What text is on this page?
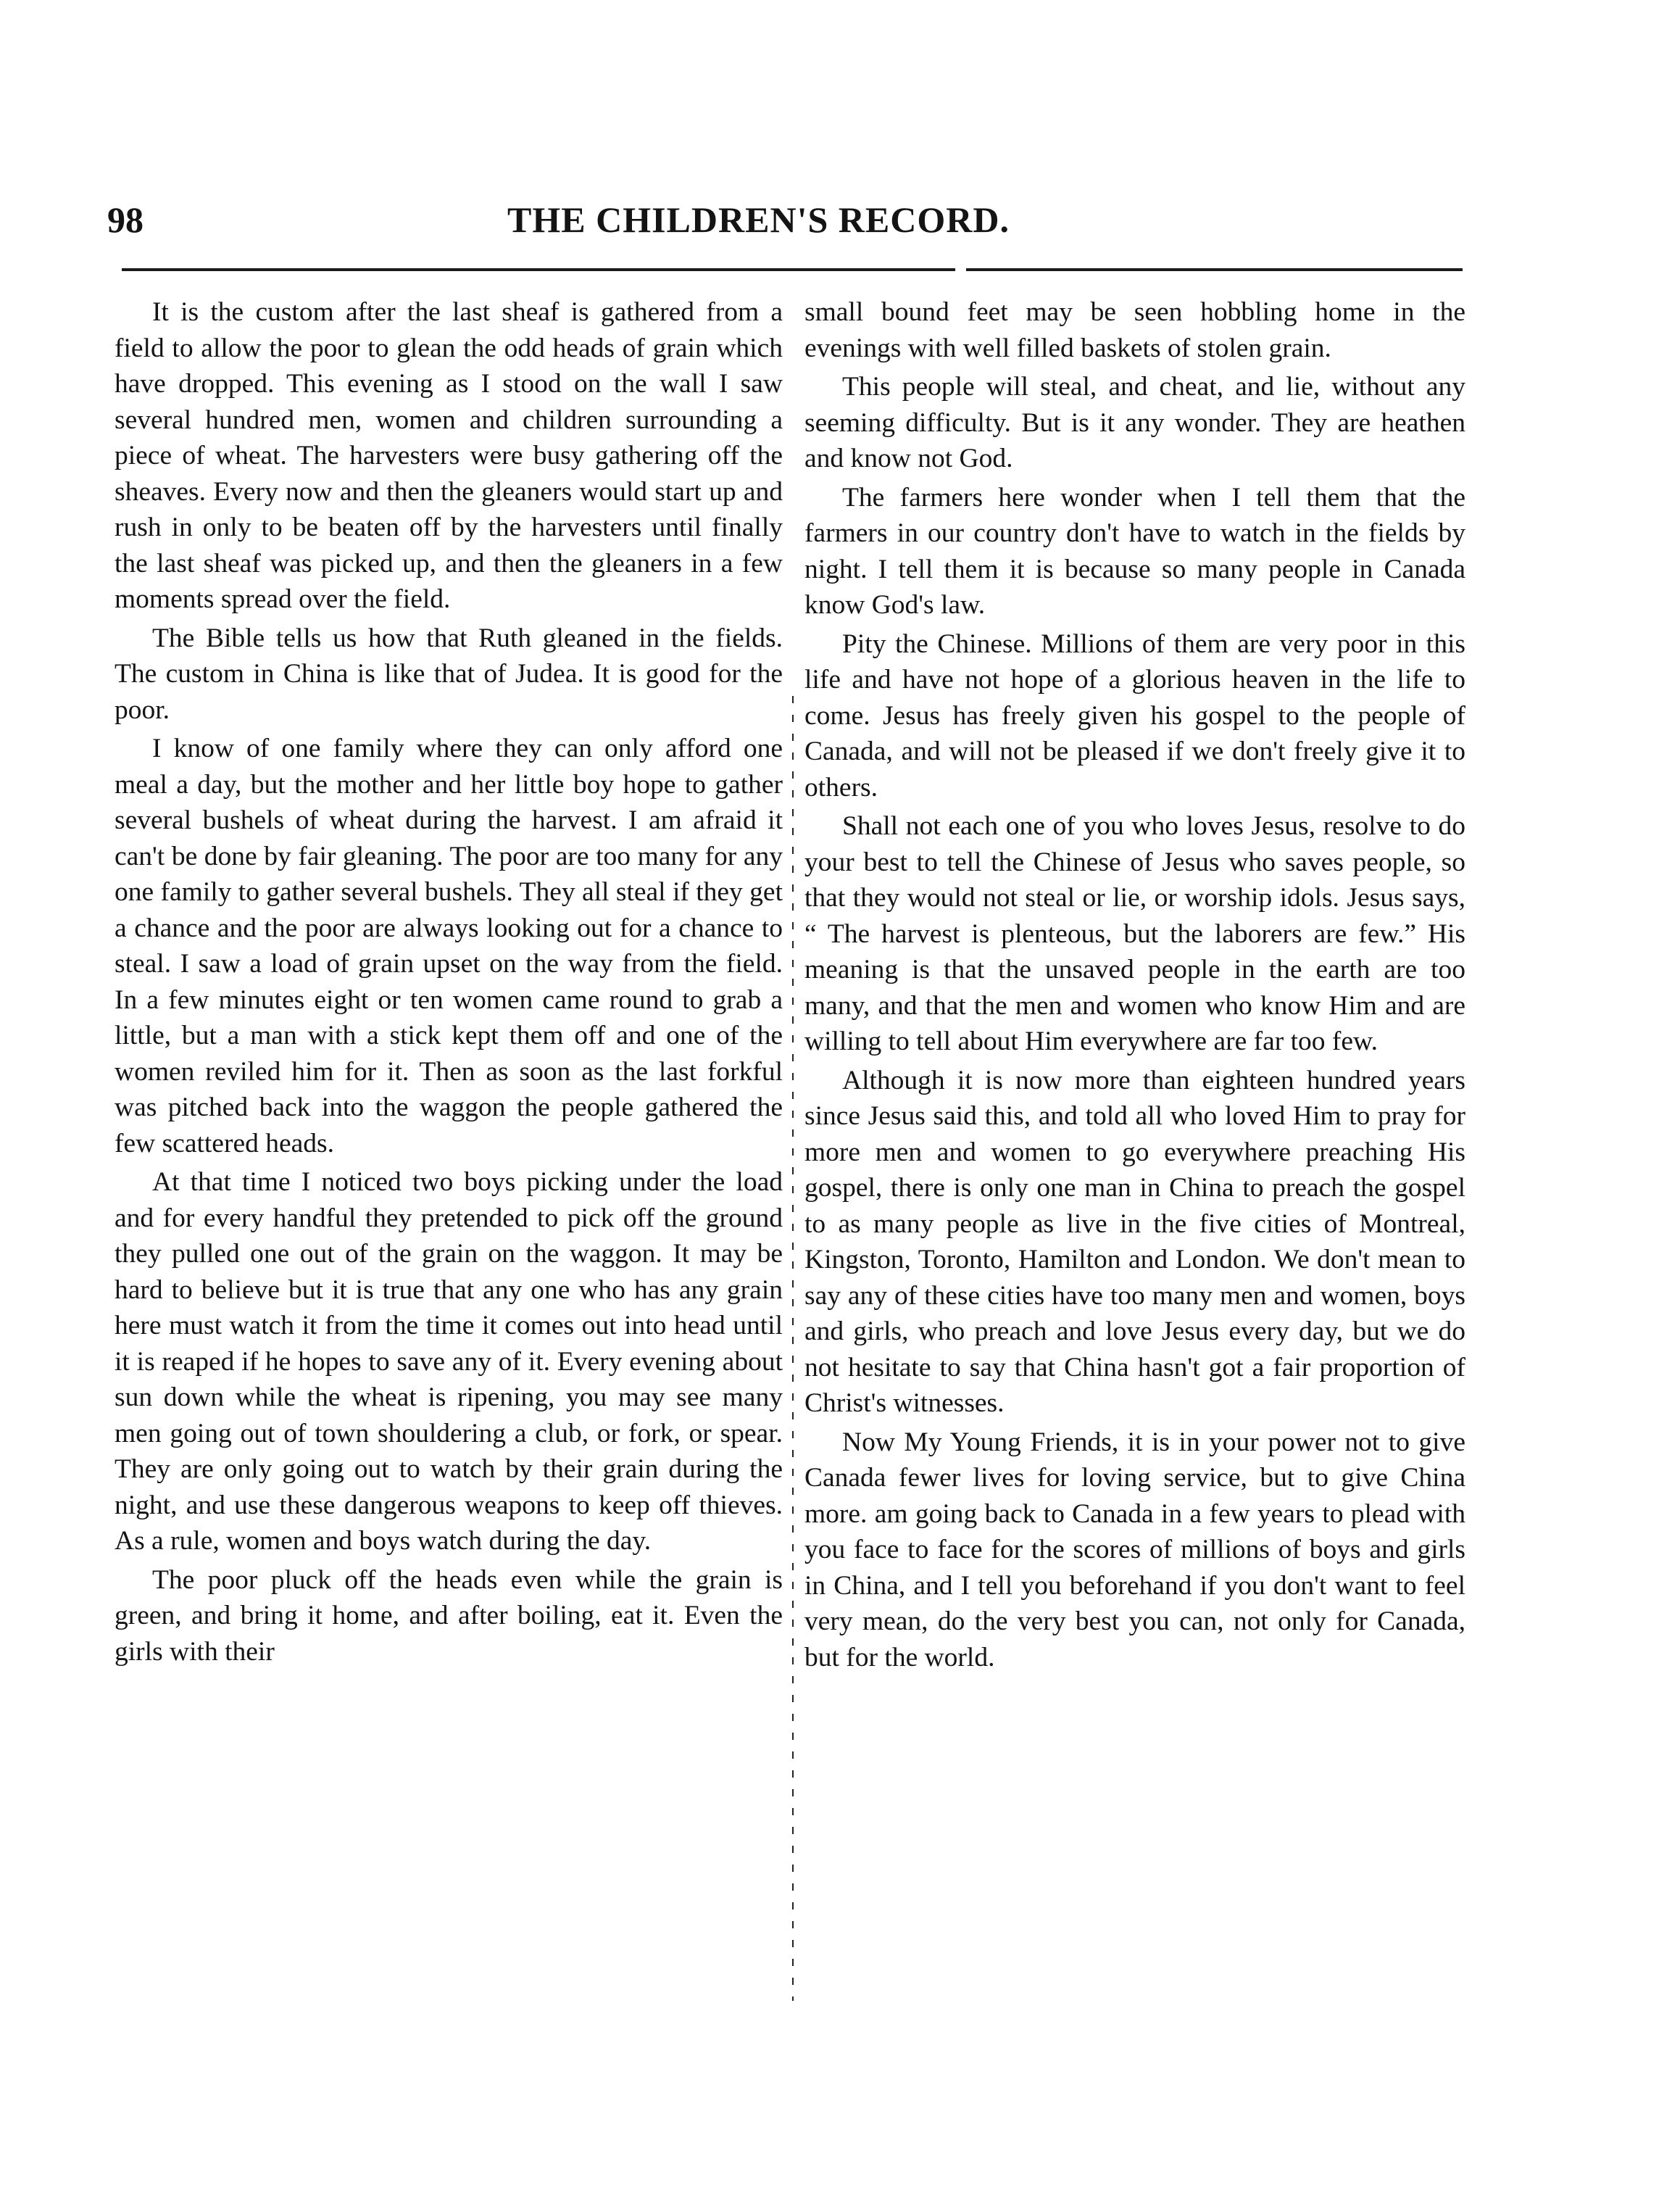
98	THE CHILDREN'S RECORD.

It is the custom after the last sheaf is gathered from a field to allow the poor to glean the odd heads of grain which have dropped. This evening as I stood on the wall I saw several hundred men, women and children surrounding a piece of wheat. The harvesters were busy gathering off the sheaves. Every now and then the gleaners would start up and rush in only to be beaten off by the harvesters until finally the last sheaf was picked up, and then the gleaners in a few moments spread over the field.

The Bible tells us how that Ruth gleaned in the fields. The custom in China is like that of Judea. It is good for the poor.

I know of one family where they can only afford one meal a day, but the mother and her little boy hope to gather several bushels of wheat during the harvest. I am afraid it can't be done by fair gleaning. The poor are too many for any one family to gather several bushels. They all steal if they get a chance and the poor are always looking out for a chance to steal. I saw a load of grain upset on the way from the field. In a few minutes eight or ten women came round to grab a little, but a man with a stick kept them off and one of the women reviled him for it. Then as soon as the last forkful was pitched back into the waggon the people gathered the few scattered heads.

At that time I noticed two boys picking under the load and for every handful they pretended to pick off the ground they pulled one out of the grain on the waggon. It may be hard to believe but it is true that any one who has any grain here must watch it from the time it comes out into head until it is reaped if he hopes to save any of it. Every evening about sun down while the wheat is ripening, you may see many men going out of town shouldering a club, or fork, or spear. They are only going out to watch by their grain during the night, and use these dangerous weapons to keep off thieves. As a rule, women and boys watch during the day.

The poor pluck off the heads even while the grain is green, and bring it home, and after boiling, eat it. Even the girls with their

small bound feet may be seen hobbling home in the evenings with well filled baskets of stolen grain.

This people will steal, and cheat, and lie, without any seeming difficulty. But is it any wonder. They are heathen and know not God.

The farmers here wonder when I tell them that the farmers in our country don't have to watch in the fields by night. I tell them it is because so many people in Canada know God's law.

Pity the Chinese. Millions of them are very poor in this life and have not hope of a glorious heaven in the life to come. Jesus has freely given his gospel to the people of Canada, and will not be pleased if we don't freely give it to others.

Shall not each one of you who loves Jesus, resolve to do your best to tell the Chinese of Jesus who saves people, so that they would not steal or lie, or worship idols. Jesus says, “ The harvest is plenteous, but the laborers are few.” His meaning is that the unsaved people in the earth are too many, and that the men and women who know Him and are willing to tell about Him everywhere are far too few.

Although it is now more than eighteen hundred years since Jesus said this, and told all who loved Him to pray for more men and women to go everywhere preaching His gospel, there is only one man in China to preach the gospel to as many people as live in the five cities of Montreal, Kingston, Toronto, Hamilton and London. We don't mean to say any of these cities have too many men and women, boys and girls, who preach and love Jesus every day, but we do not hesitate to say that China hasn't got a fair proportion of Christ's witnesses.

Now My Young Friends, it is in your power not to give Canada fewer lives for loving service, but to give China more. am going back to Canada in a few years to plead with you face to face for the scores of millions of boys and girls in China, and I tell you beforehand if you don't want to feel very mean, do the very best you can, not only for Canada, but for the world.
